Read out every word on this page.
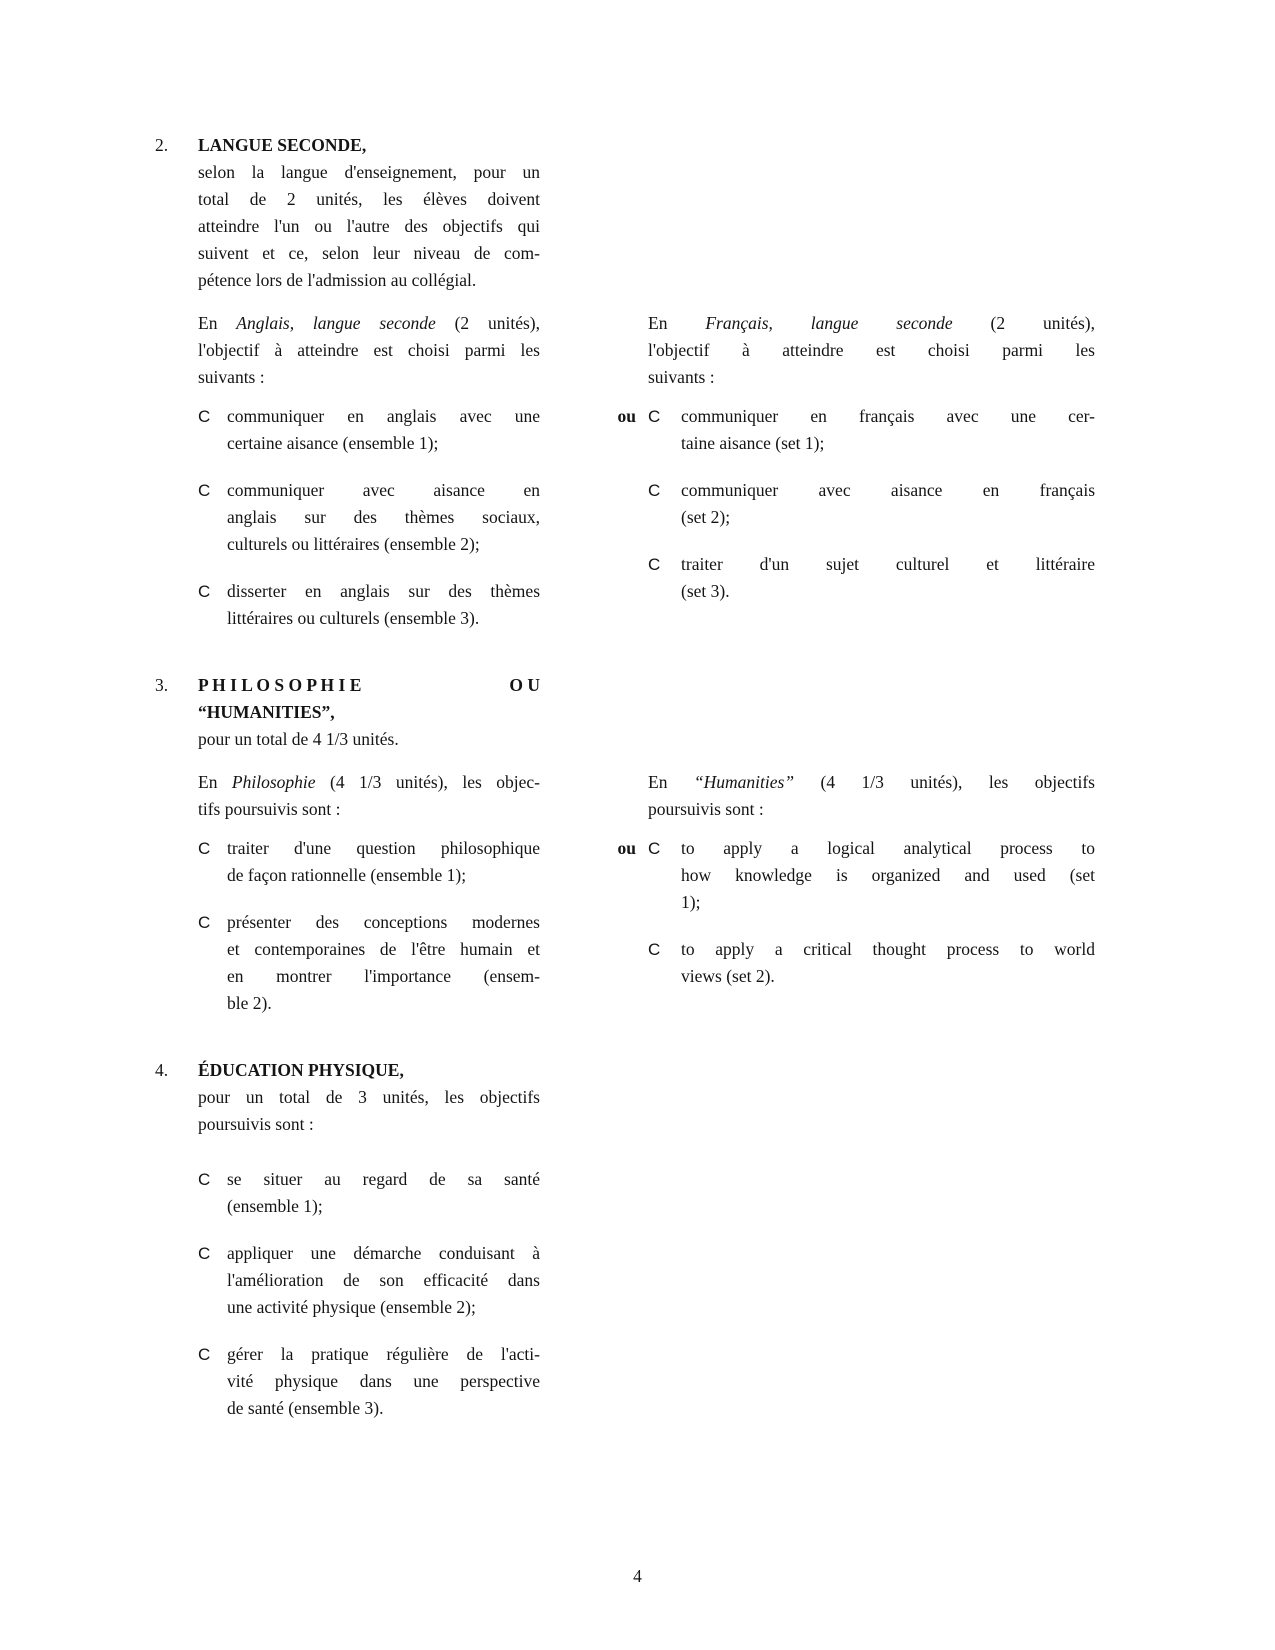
2.	LANGUE SECONDE,
selon la langue d'enseignement, pour un
total de 2 unités, les élèves doivent
atteindre l'un ou l'autre des objectifs qui
suivent et ce, selon leur niveau de com-
pétence lors de l'admission au collégial.
En Anglais, langue seconde (2 unités),
l'objectif à atteindre est choisi parmi les
suivants :
C communiquer en anglais avec une
certaine aisance (ensemble 1);
C communiquer avec aisance en
anglais sur des thèmes sociaux,
culturels ou littéraires (ensemble 2);
C disserter en anglais sur des thèmes
littéraires ou culturels (ensemble 3).
ou
En Français, langue seconde (2 unités),
l'objectif à atteindre est choisi parmi les
suivants :
C	communiquer en français avec une cer-
taine aisance (set 1);
C	communiquer avec aisance en français
(set 2);
C	traiter d'un sujet culturel et littéraire
(set 3).
3.	P H I L O S O P H I E	O U
“HUMANITIES”,
pour un total de 4 1/3 unités.
En Philosophie (4 1/3 unités), les objec-
tifs poursuivis sont :
C traiter d'une question philosophique
de façon rationnelle (ensemble 1);
C présenter des conceptions modernes
et contemporaines de l'être humain et
en montrer l'importance (ensem-
ble 2).
ou
En “Humanities” (4 1/3 unités), les objectifs
poursuivis sont :
C	to apply a logical analytical process to
how knowledge is organized and used (set
1);
C	to apply a critical thought process to world
views (set 2).
4.	ÉDUCATION PHYSIQUE,
pour un total de 3 unités, les objectifs
poursuivis sont :
C se situer au regard de sa santé
(ensemble 1);
C appliquer une démarche conduisant à
l'amélioration de son efficacité dans
une activité physique (ensemble 2);
C gérer la pratique régulière de l'acti-
vité physique dans une perspective
de santé (ensemble 3).
4
